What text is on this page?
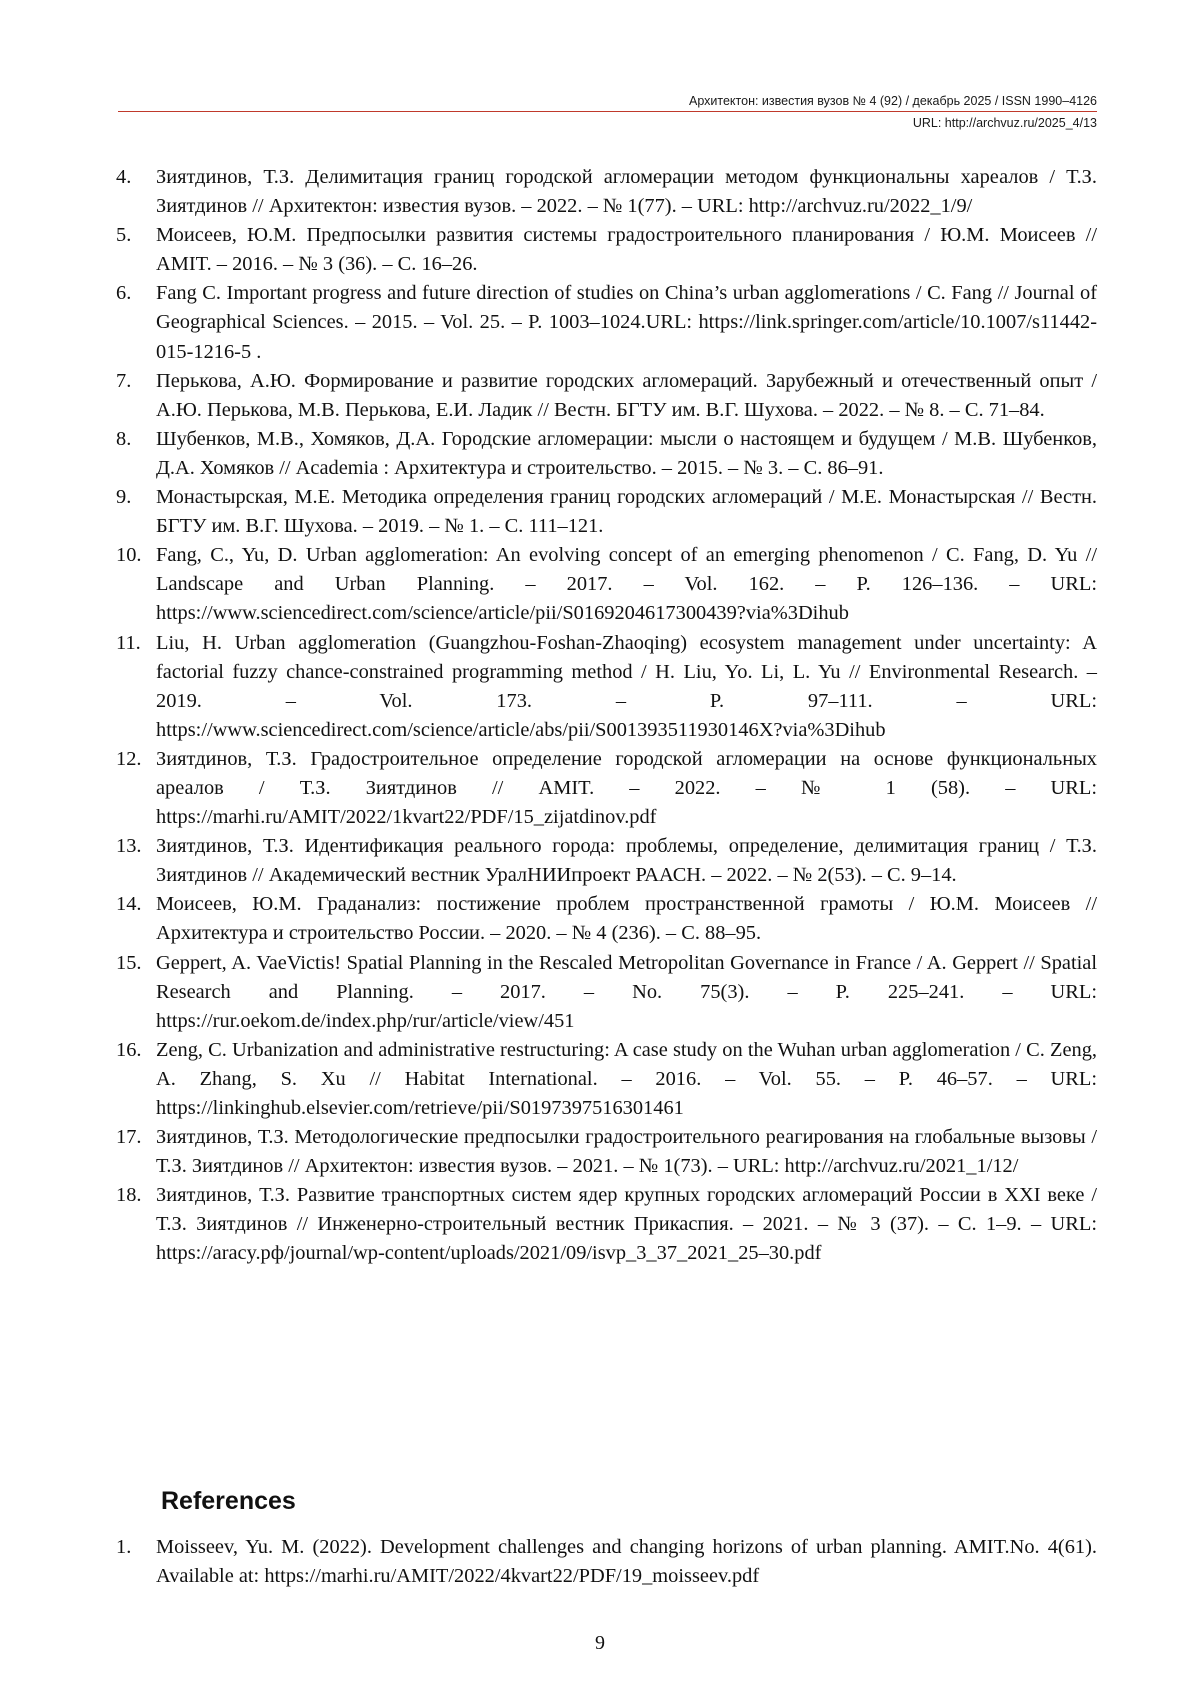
Архитектон: известия вузов № 4 (92) / декабрь 2025 / ISSN 1990–4126
URL: http://archvuz.ru/2025_4/13
4. Зиятдинов, Т.З. Делимитация границ городской агломерации методом функциональны хареалов / Т.З. Зиятдинов // Архитектон: известия вузов. – 2022. – № 1(77). – URL: http://archvuz.ru/2022_1/9/
5. Моисеев, Ю.М. Предпосылки развития системы градостроительного планирования / Ю.М. Моисеев // AMIT. – 2016. – № 3 (36). – С. 16–26.
6. Fang C. Important progress and future direction of studies on China’s urban agglomerations / C. Fang // Journal of Geographical Sciences. – 2015. – Vol. 25. – P. 1003–1024.URL: https://link.springer.com/article/10.1007/s11442-015-1216-5 .
7. Перькова, А.Ю. Формирование и развитие городских агломераций. Зарубежный и отечественный опыт / А.Ю. Перькова, М.В. Перькова, Е.И. Ладик // Вестн. БГТУ им. В.Г. Шухова. – 2022. – № 8. – С. 71–84.
8. Шубенков, М.В., Хомяков, Д.А. Городские агломерации: мысли о настоящем и будущем / М.В. Шубенков, Д.А. Хомяков // Academia : Архитектура и строительство. – 2015. – № 3. – С. 86–91.
9. Монастырская, М.Е. Методика определения границ городских агломераций / М.Е. Монастырская // Вестн. БГТУ им. В.Г. Шухова. – 2019. – № 1. – С. 111–121.
10. Fang, C., Yu, D. Urban agglomeration: An evolving concept of an emerging phenomenon / C. Fang, D. Yu // Landscape and Urban Planning. – 2017. – Vol. 162. – P. 126–136. – URL: https://www.sciencedirect.com/science/article/pii/S0169204617300439?via%3Dihub
11. Liu, H. Urban agglomeration (Guangzhou-Foshan-Zhaoqing) ecosystem management under uncertainty: A factorial fuzzy chance-constrained programming method / H. Liu, Yo. Li, L. Yu // Environmental Research. – 2019. – Vol. 173. – P. 97–111. – URL: https://www.sciencedirect.com/science/article/abs/pii/S001393511930146X?via%3Dihub
12. Зиятдинов, Т.З. Градостроительное определение городской агломерации на основе функциональных ареалов / Т.З. Зиятдинов // AMIT. – 2022. – № 1 (58). – URL: https://marhi.ru/AMIT/2022/1kvart22/PDF/15_zijatdinov.pdf
13. Зиятдинов, Т.З. Идентификация реального города: проблемы, определение, делимитация границ / Т.З. Зиятдинов // Академический вестник УралНИИпроект РААСН. – 2022. – № 2(53). – С. 9–14.
14. Моисеев, Ю.М. Граданализ: постижение проблем пространственной грамоты / Ю.М. Моисеев // Архитектура и строительство России. – 2020. – № 4 (236). – С. 88–95.
15. Geppert, A. VaeVictis! Spatial Planning in the Rescaled Metropolitan Governance in France / A. Geppert // Spatial Research and Planning. – 2017. – No. 75(3). – P. 225–241. – URL: https://rur.oekom.de/index.php/rur/article/view/451
16. Zeng, C. Urbanization and administrative restructuring: A case study on the Wuhan urban agglomeration / C. Zeng, A. Zhang, S. Xu // Habitat International. – 2016. – Vol. 55. – P. 46–57. – URL: https://linkinghub.elsevier.com/retrieve/pii/S0197397516301461
17. Зиятдинов, Т.З. Методологические предпосылки градостроительного реагирования на глобальные вызовы / Т.З. Зиятдинов // Архитектон: известия вузов. – 2021. – № 1(73). – URL: http://archvuz.ru/2021_1/12/
18. Зиятдинов, Т.З. Развитие транспортных систем ядер крупных городских агломераций России в XXI веке / Т.З. Зиятдинов // Инженерно-строительный вестник Прикаспия. – 2021. – № 3 (37). – С. 1–9. – URL: https://aracy.рф/journal/wp-content/uploads/2021/09/isvp_3_37_2021_25–30.pdf
References
1. Moisseev, Yu. M. (2022). Development challenges and changing horizons of urban planning. AMIT.No. 4(61). Available at: https://marhi.ru/AMIT/2022/4kvart22/PDF/19_moisseev.pdf
9
